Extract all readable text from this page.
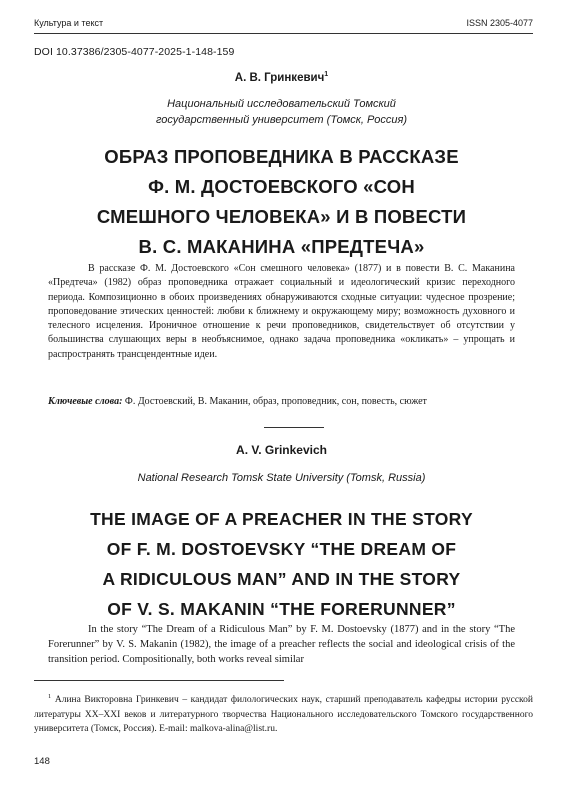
Культура и текст	ISSN 2305-4077
DOI 10.37386/2305-4077-2025-1-148-159
А. В. Гринкевич$^1$
Национальный исследовательский Томский
государственный университет (Томск, Россия)
ОБРАЗ ПРОПОВЕДНИКА В РАССКАЗЕ
Ф. М. ДОСТОЕВСКОГО «СОН
СМЕШНОГО ЧЕЛОВЕКА» И В ПОВЕСТИ
В. С. МАКАНИНА «ПРЕДТЕЧА»
В рассказе Ф. М. Достоевского «Сон смешного человека» (1877) и в повести В. С. Маканина «Предтеча» (1982) образ проповедника отражает социальный и идеологический кризис переходного периода. Композиционно в обоих произведениях обнаруживаются сходные ситуации: чудесное прозрение; проповедование этических ценностей: любви к ближнему и окружающему миру; возможность духовного и телесного исцеления. Ироничное отношение к речи проповедников, свидетельствует об отсутствии у большинства слушающих веры в необъяснимое, однако задача проповедника «окликать» – упрощать и распространять трансцендентные идеи.
Ключевые слова: Ф. Достоевский, В. Маканин, образ, проповедник, сон, повесть, сюжет
A. V. Grinkevich
National Research Tomsk State University (Tomsk, Russia)
THE IMAGE OF A PREACHER IN THE STORY
OF F. M. DOSTOEVSKY “THE DREAM OF
A RIDICULOUS MAN” AND IN THE STORY
OF V. S. MAKANIN “THE FORERUNNER”
In the story “The Dream of a Ridiculous Man” by F. M. Dostoevsky (1877) and in the story “The Forerunner” by V. S. Makanin (1982), the image of a preacher reflects the social and ideological crisis of the transition period. Compositionally, both works reveal similar
$^1$ Алина Викторовна Гринкевич – кандидат филологических наук, старший преподаватель кафедры истории русской литературы XX–XXI веков и литературного творчества Национального исследовательского Томского государственного университета (Томск, Россия). E-mail: malkova-alina@list.ru.
148
